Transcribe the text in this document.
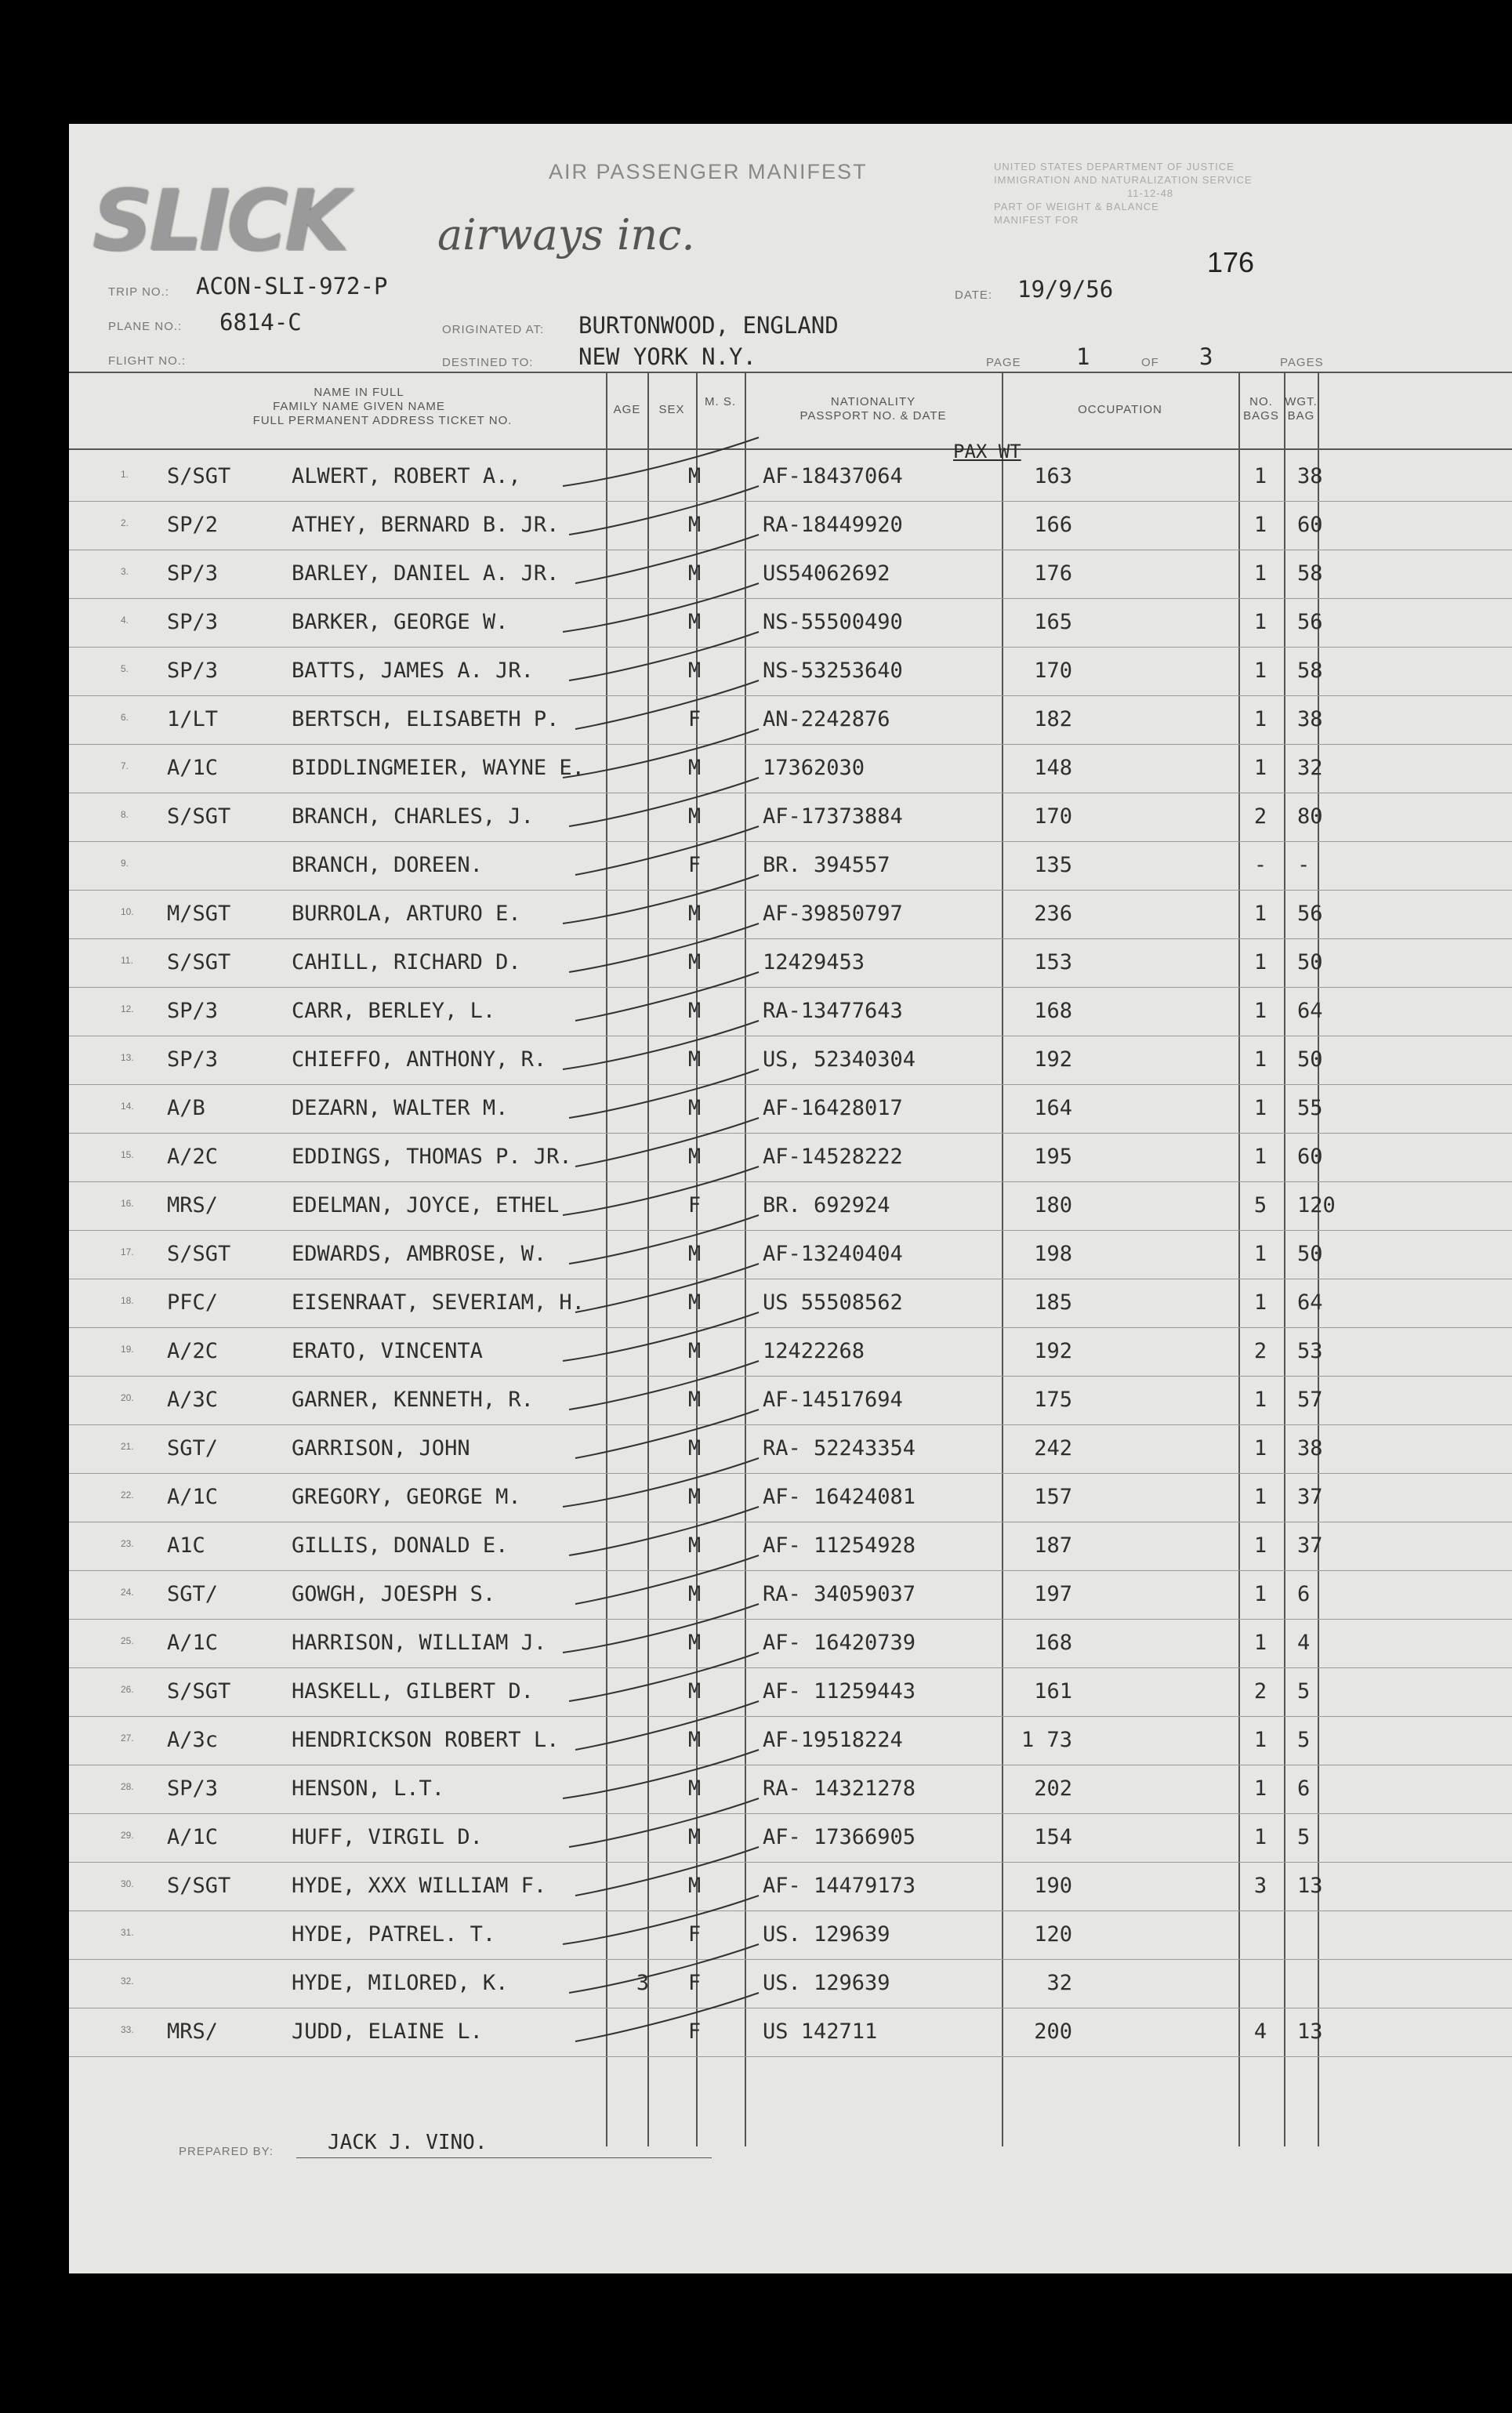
AIR PASSENGER MANIFEST
SLICK airways inc.
UNITED STATES DEPARTMENT OF JUSTICE
IMMIGRATION AND NATURALIZATION SERVICE
11-12-48
PART OF WEIGHT & BALANCE
MANIFEST FOR
176
TRIP NO.: ACON-SLI-972-P	DATE: 19/9/56
PLANE NO.: 6814-C	ORIGINATED AT: BURTONWOOD, ENGLAND
FLIGHT NO.:	DESTINED TO: NEW YORK N.Y.	PAGE 1	OF 3	PAGES
NAME IN FULL
FAMILY NAME GIVEN NAME
FULL PERMANENT ADDRESS TICKET NO.
AGE	SEX
M. S.	NATIONALITY
PASSPORT NO. & DATE	OCCUPATION
NO. BAGS
WGT. BAG
PAX WT
1. S/SGT	ALWERT, ROBERT A.,	M	AF-18437064	163	1	38
2. SP/2	ATHEY, BERNARD B. JR.	M	RA-18449920	166	1	60
3. SP/3	BARLEY, DANIEL A. JR.	M	US54062692	176	1	58
4. SP/3	BARKER, GEORGE W.	M	NS-55500490	165	1	56
5. SP/3	BATTS, JAMES A. JR.	M	NS-53253640	170	1	58
6. 1/LT	BERTSCH, ELISABETH P.	F	AN-2242876	182	1	38
7. A/1C	BIDDLINGMEIER, WAYNE E.	M	17362030	148	1	32
8. S/SGT	BRANCH, CHARLES, J.	M	AF-17373884	170	2	80
9.	BRANCH, DOREEN.	F	BR. 394557	135	-	-
10. M/SGT	BURROLA, ARTURO E.	M	AF-39850797	236	1	56
11. S/SGT	CAHILL, RICHARD D.	M	12429453	153	1	50
12. SP/3	CARR, BERLEY, L.	M	RA-13477643	168	1	64
13. SP/3	CHIEFFO, ANTHONY, R.	M	US, 52340304	192	1	50
14. A/B	DEZARN, WALTER M.	M	AF-16428017	164	1	55
15. A/2C	EDDINGS, THOMAS P. JR.	M	AF-14528222	195	1	60
16. MRS/	EDELMAN, JOYCE, ETHEL	F	BR. 692924	180	5	120
17. S/SGT	EDWARDS, AMBROSE, W.	M	AF-13240404	198	1	50
18. PFC/	EISENRAAT, SEVERIAM, H.	M	US 55508562	185	1	64
19. A/2C	ERATO, VINCENTA	M	12422268	192	2	53
20. A/3C	GARNER, KENNETH, R.	M	AF-14517694	175	1	57
21. SGT/	GARRISON, JOHN	M	RA- 52243354	242	1	38
22. A/1C	GREGORY, GEORGE M.	M	AF- 16424081	157	1	37
23. A1C	GILLIS, DONALD E.	M	AF- 11254928	187	1	37
24. SGT/	GOWGH, JOESPH S.	M	RA- 34059037	197	1	6
25. A/1C	HARRISON, WILLIAM J.	M	AF- 16420739	168	1	4
26. S/SGT	HASKELL, GILBERT D.	M	AF- 11259443	161	2	5
27. A/3c	HENDRICKSON ROBERT L.	M	AF-19518224	1 73	1	5
28. SP/3	HENSON, L.T.	M	RA- 14321278	202	1	6
29. A/1C	HUFF, VIRGIL D.	M	AF- 17366905	154	1	5
30. S/SGT	HYDE, XXX WILLIAM F.	M	AF- 14479173	190	3	13
31.	HYDE, PATREL. T.	F	US. 129639	120
32.	HYDE, MILORED, K.	3	F	US. 129639	32
33. MRS/	JUDD, ELAINE L.	F	US 142711	200	4	13
PREPARED BY:	JACK J. VINO.
